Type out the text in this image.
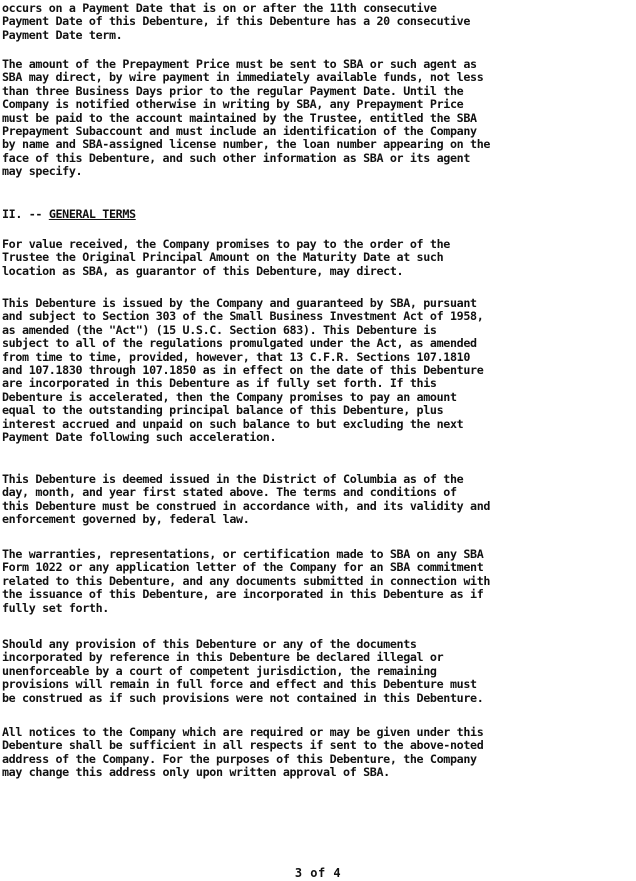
occurs on a Payment Date that is on or after the 11th consecutive
Payment Date of this Debenture, if this Debenture has a 20 consecutive
Payment Date term.

The amount of the Prepayment Price must be sent to SBA or such agent as
SBA may direct, by wire payment in immediately available funds, not less
than three Business Days prior to the regular Payment Date. Until the
Company is notified otherwise in writing by SBA, any Prepayment Price
must be paid to the account maintained by the Trustee, entitled the SBA
Prepayment Subaccount and must include an identification of the Company
by name and SBA-assigned license number, the loan number appearing on the
face of this Debenture, and such other information as SBA or its agent
may specify.

II. -- GENERAL TERMS

For value received, the Company promises to pay to the order of the
Trustee the Original Principal Amount on the Maturity Date at such
location as SBA, as guarantor of this Debenture, may direct.

This Debenture is issued by the Company and guaranteed by SBA, pursuant
and subject to Section 303 of the Small Business Investment Act of 1958,
as amended (the "Act") (15 U.S.C. Section 683). This Debenture is
subject to all of the regulations promulgated under the Act, as amended
from time to time, provided, however, that 13 C.F.R. Sections 107.1810
and 107.1830 through 107.1850 as in effect on the date of this Debenture
are incorporated in this Debenture as if fully set forth. If this
Debenture is accelerated, then the Company promises to pay an amount
equal to the outstanding principal balance of this Debenture, plus
interest accrued and unpaid on such balance to but excluding the next
Payment Date following such acceleration.

This Debenture is deemed issued in the District of Columbia as of the
day, month, and year first stated above. The terms and conditions of
this Debenture must be construed in accordance with, and its validity and
enforcement governed by, federal law.

The warranties, representations, or certification made to SBA on any SBA
Form 1022 or any application letter of the Company for an SBA commitment
related to this Debenture, and any documents submitted in connection with
the issuance of this Debenture, are incorporated in this Debenture as if
fully set forth.

Should any provision of this Debenture or any of the documents
incorporated by reference in this Debenture be declared illegal or
unenforceable by a court of competent jurisdiction, the remaining
provisions will remain in full force and effect and this Debenture must
be construed as if such provisions were not contained in this Debenture.

All notices to the Company which are required or may be given under this
Debenture shall be sufficient in all respects if sent to the above-noted
address of the Company. For the purposes of this Debenture, the Company
may change this address only upon written approval of SBA.

3 of 4
